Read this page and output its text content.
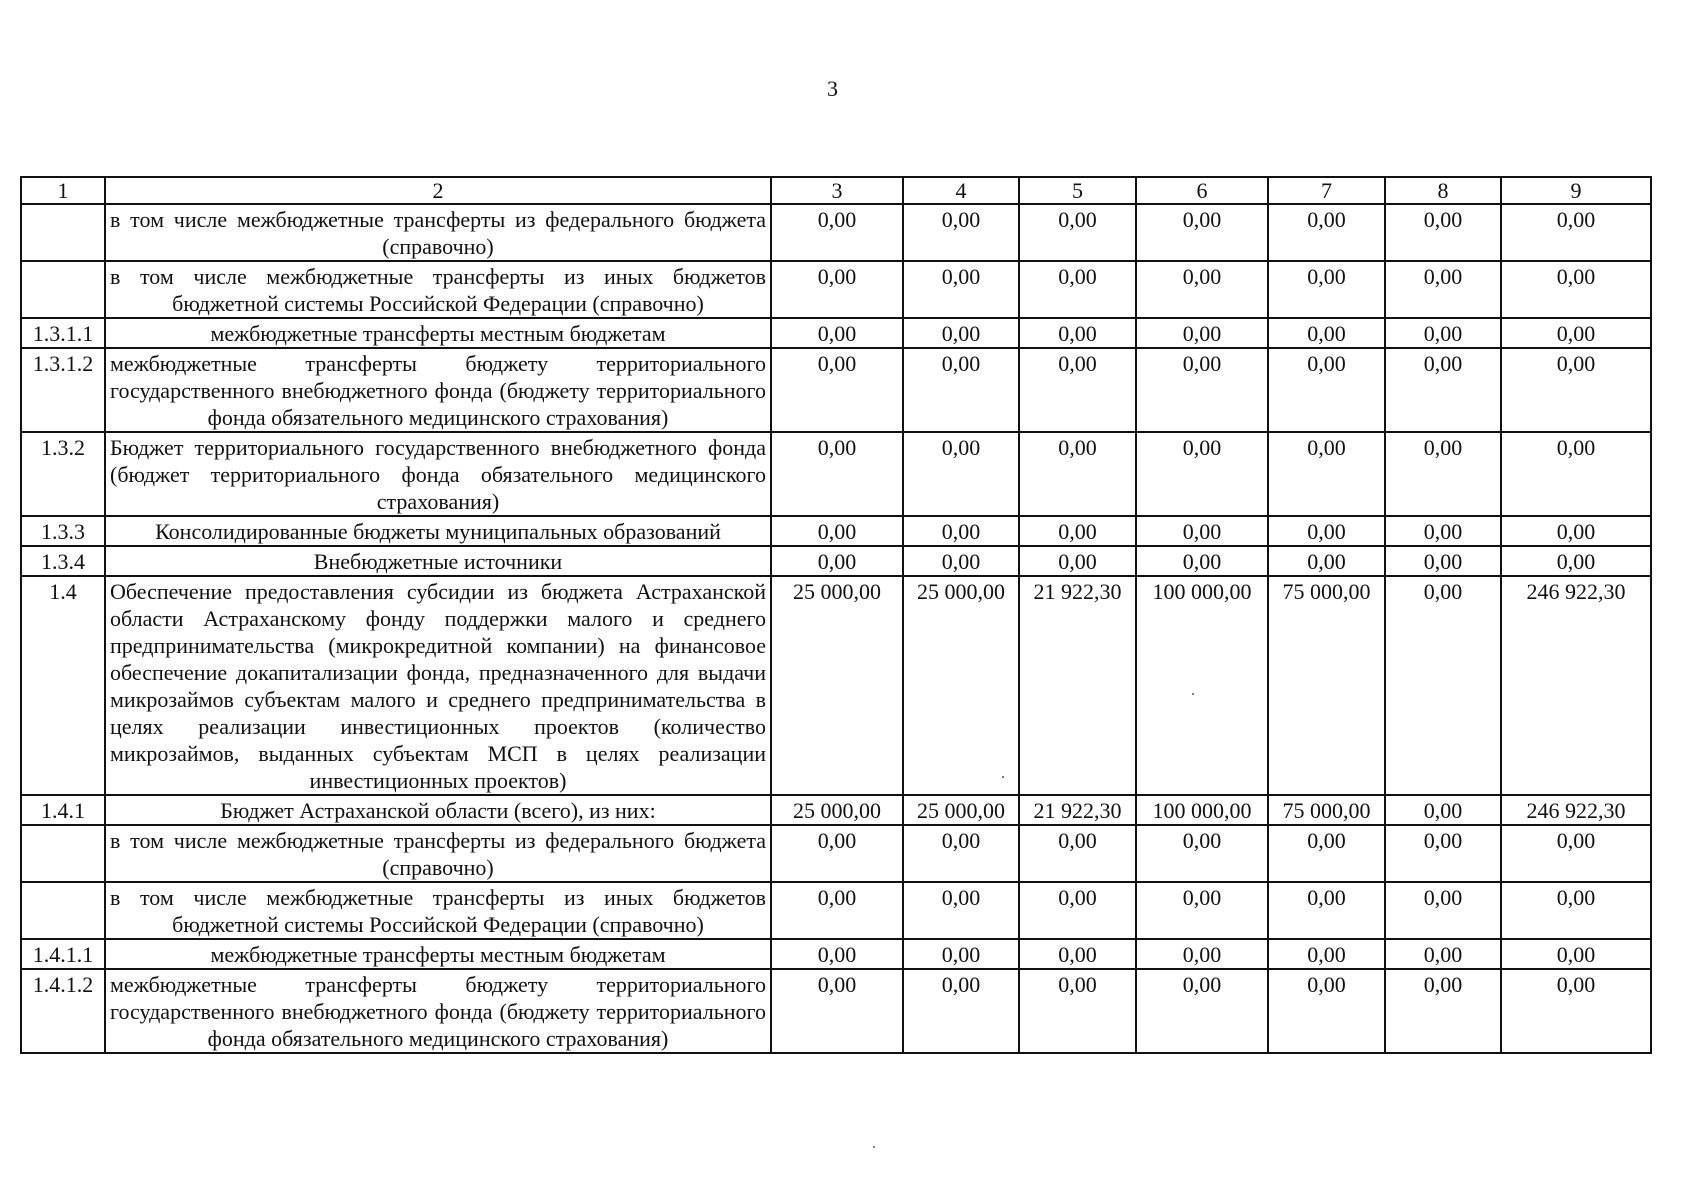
3
1	2	3	4	5	6	7	8	9
	в том числе межбюджетные трансферты из федерального бюджета (справочно)	0,00	0,00	0,00	0,00	0,00	0,00	0,00
	в том числе межбюджетные трансферты из иных бюджетов бюджетной системы Российской Федерации (справочно)	0,00	0,00	0,00	0,00	0,00	0,00	0,00
1.3.1.1	межбюджетные трансферты местным бюджетам	0,00	0,00	0,00	0,00	0,00	0,00	0,00
1.3.1.2	межбюджетные трансферты бюджету территориального государственного внебюджетного фонда (бюджету территориального фонда обязательного медицинского страхования)	0,00	0,00	0,00	0,00	0,00	0,00	0,00
1.3.2	Бюджет территориального государственного внебюджетного фонда (бюджет территориального фонда обязательного медицинского страхования)	0,00	0,00	0,00	0,00	0,00	0,00	0,00
1.3.3	Консолидированные бюджеты муниципальных образований	0,00	0,00	0,00	0,00	0,00	0,00	0,00
1.3.4	Внебюджетные источники	0,00	0,00	0,00	0,00	0,00	0,00	0,00
1.4	Обеспечение предоставления субсидии из бюджета Астраханской области Астраханскому фонду поддержки малого и среднего предпринимательства (микрокредитной компании) на финансовое обеспечение докапитализации фонда, предназначенного для выдачи микрозаймов субъектам малого и среднего предпринимательства в целях реализации инвестиционных проектов (количество микрозаймов, выданных субъектам МСП в целях реализации инвестиционных проектов)	25 000,00	25 000,00	21 922,30	100 000,00	75 000,00	0,00	246 922,30
1.4.1	Бюджет Астраханской области (всего), из них:	25 000,00	25 000,00	21 922,30	100 000,00	75 000,00	0,00	246 922,30
	в том числе межбюджетные трансферты из федерального бюджета (справочно)	0,00	0,00	0,00	0,00	0,00	0,00	0,00
	в том числе межбюджетные трансферты из иных бюджетов бюджетной системы Российской Федерации (справочно)	0,00	0,00	0,00	0,00	0,00	0,00	0,00
1.4.1.1	межбюджетные трансферты местным бюджетам	0,00	0,00	0,00	0,00	0,00	0,00	0,00
1.4.1.2	межбюджетные трансферты бюджету территориального государственного внебюджетного фонда (бюджету территориального фонда обязательного медицинского страхования)	0,00	0,00	0,00	0,00	0,00	0,00	0,00
